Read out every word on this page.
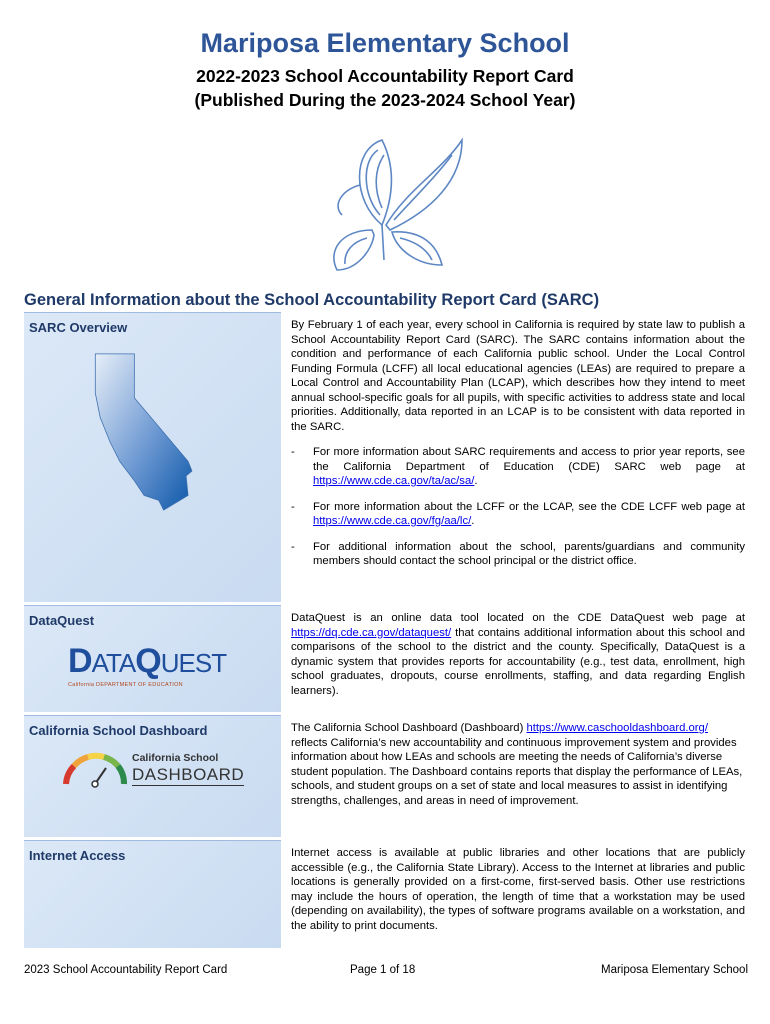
Mariposa Elementary School
2022-2023 School Accountability Report Card
(Published During the 2023-2024 School Year)
General Information about the School Accountability Report Card (SARC)
SARC Overview	By February 1 of each year, every school in California is required by state law to publish a School Accountability Report Card (SARC). The SARC contains information about the condition and performance of each California public school. Under the Local Control Funding Formula (LCFF) all local educational agencies (LEAs) are required to prepare a Local Control and Accountability Plan (LCAP), which describes how they intend to meet annual school-specific goals for all pupils, with specific activities to address state and local priorities. Additionally, data reported in an LCAP is to be consistent with data reported in the SARC.

-	For more information about SARC requirements and access to prior year reports, see the California Department of Education (CDE) SARC web page at https://www.cde.ca.gov/ta/ac/sa/.
-	For more information about the LCFF or the LCAP, see the CDE LCFF web page at https://www.cde.ca.gov/fg/aa/lc/.
-	For additional information about the school, parents/guardians and community members should contact the school principal or the district office.
DataQuest
DATAQUEST
California DEPARTMENT OF EDUCATION

DataQuest is an online data tool located on the CDE DataQuest web page at https://dq.cde.ca.gov/dataquest/ that contains additional information about this school and comparisons of the school to the district and the county. Specifically, DataQuest is a dynamic system that provides reports for accountability (e.g., test data, enrollment, high school graduates, dropouts, course enrollments, staffing, and data regarding English learners).

California School Dashboard
California School
DASHBOARD

The California School Dashboard (Dashboard) https://www.caschooldashboard.org/ reflects California’s new accountability and continuous improvement system and provides information about how LEAs and schools are meeting the needs of California’s diverse student population. The Dashboard contains reports that display the performance of LEAs, schools, and student groups on a set of state and local measures to assist in identifying strengths, challenges, and areas in need of improvement.

Internet Access	Internet access is available at public libraries and other locations that are publicly accessible (e.g., the California State Library). Access to the Internet at libraries and public locations is generally provided on a first-come, first-served basis. Other use restrictions may include the hours of operation, the length of time that a workstation may be used (depending on availability), the types of software programs available on a workstation, and the ability to print documents.

2023 School Accountability Report Card	Page 1 of 18	Mariposa Elementary School
